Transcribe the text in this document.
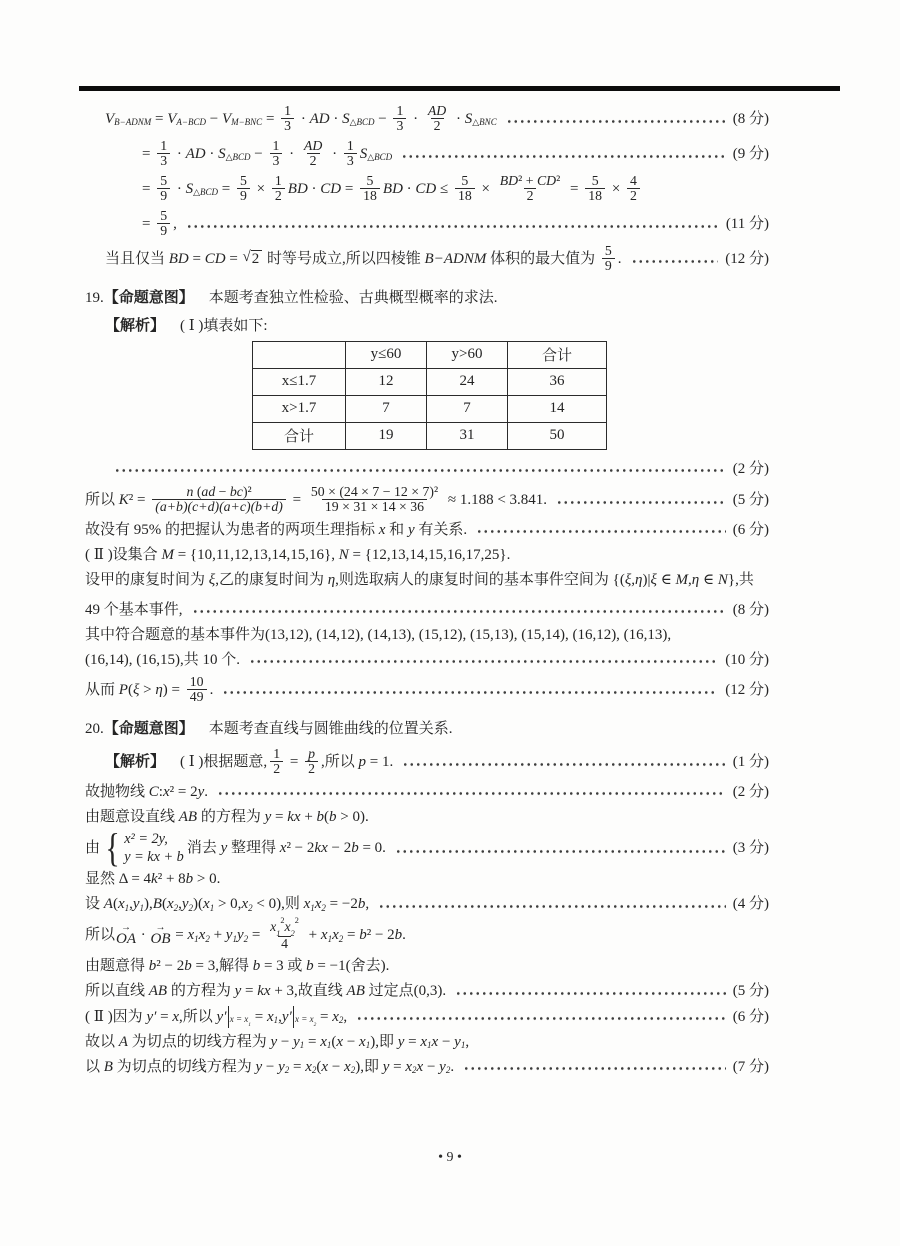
V B−ADNM = V A−BCD − V $M-BNC = \frac{1}{3}$ · AD · S △BCD − $\frac{1}{3} \cdot \frac{AD}{2} \cdot S$ △BNC	(8 分)
= $\frac{1}{3}$ · AD · S △BCD − $\frac{1}{3} \cdot \frac{AD}{2} \cdot \frac{1}{3}$ S △BCD	(9 分)
= $\frac{5}{9} \cdot S$ △BCD = $\frac{5}{9} \times \frac{1}{2}$ BD · CD = $\frac{5}{18}$ BD · CD ≤ $\frac{5}{18} \times \frac{\text{BD² + CD²}}{2} = \frac{5}{18} \times \frac{4}{2}$
= $\frac{5}{9}$ ,	(11 分)
当且仅当 BD = CD = √ 2 时等号成立,所以四棱锥 B−ADNM 体积的最大值为 $\frac{5}{9}$ .	(12 分)
19. 【命题意图】 　本题考查独立性检验、古典概型概率的求法.
【解析】 　( Ⅰ )填表如下:
	y≤60	y>60	合计
x≤1.7	12	24	36
x>1.7	7	7	14
合计	19	31	50
(2 分)
所以 K $^2 = \frac{\text{n (ad − bc)²}}{(a+b)(c+d)(a+c)(b+d)} = \frac{\text{50 × (24 × 7 − 12 × 7)²}}{19 \times 31 \times 14 \times 36} \approx 1.188 < 3.841$.	(5 分)
故没有 95% 的把握认为患者的两项生理指标 x 和 y 有关系.	(6 分)
( Ⅱ )设集合 M = {10,11,12,13,14,15,16}, N = {12,13,14,15,16,17,25}.
设甲的康复时间为 ξ ,乙的康复时间为 η ,则选取病人的康复时间的基本事件空间为 {( ξ,η )| ξ ∈ M , η ∈ N },共
49 个基本事件,	(8 分)
其中符合题意的基本事件为(13,12), (14,12), (14,13), (15,12), (15,13), (15,14), (16,12), (16,13),
(16,14), (16,15),共 10 个.	(10 分)
从而 P ( ξ > η ) = $\frac{10}{49}$ .	(12 分)
20. 【命题意图】 　本题考查直线与圆锥曲线的位置关系.
【解析】 　( Ⅰ )根据题意, $\frac{1}{2} = \frac{p}{2}$ ,所以 p = 1.	(1 分)
故抛物线 C : x ² = 2 y .	(2 分)
由题意设直线 AB 的方程为 y = kx + b ( b > 0).
由 { x² = 2y,
y = kx + b
消去 y 整理得 x ² − 2 kx − 2 b = 0.	(3 分)
显然 Δ = 4 k ² + 8 b > 0.
设 A ( x 1 , y 1 ), B ( x 2 , y 2 )( x 1 > 0, x 2 < 0),则 x 1 x 2 = −2 b ,	(4 分)
所以
→
OA ·
→
OB = x 1 x 2 + y 1 y $2 = \frac{x_1^2x_2^2}{4} + x$ 1 x 2 = b ² − 2 b .
由题意得 b ² − 2 b = 3,解得 b = 3 或 b = −1(舍去).
所以直线 AB 的方程为 y = kx + 3,故直线 AB 过定点(0,3).	(5 分)
( Ⅱ )因为 y′ = x ,所以 y′ $x = x_1 = x$ 1 , y′ $x = x_2 = x$ 2 ,	(6 分)
故以 A 为切点的切线方程为 y − y 1 = x 1 ( x − x 1 ),即 y = x 1 x − y 1 ,
以 B 为切点的切线方程为 y − y 2 = x 2 ( x − x 2 ),即 y = x 2 x − y 2 .	(7 分)
• 9 •
